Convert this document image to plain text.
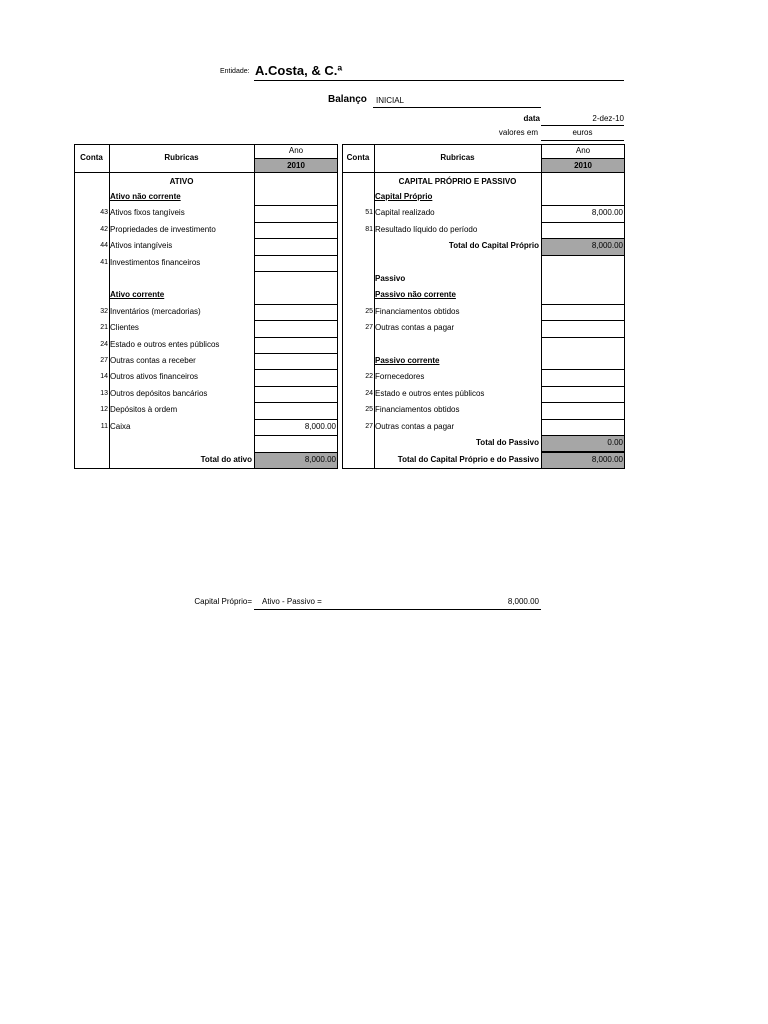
Entidade: A.Costa, & C.ª
Balanço INICIAL
data	2-dez-10
valores em	euros
Conta	Rubricas
Ano
2010
ATIVO
Ativo não corrente
43 Ativos fixos tangíveis
42 Propriedades de investimento
44 Ativos intangíveis
41 Investimentos financeiros
Ativo corrente
32 Inventários (mercadorias)
21 Clientes
24 Estado e outros entes públicos
27 Outras contas a receber
14 Outros ativos financeiros
13 Outros depósitos bancários
12 Depósitos à ordem
11 Caixa	8,000.00
Total do ativo	8,000.00
Conta	Rubricas
Ano
2010
CAPITAL PRÓPRIO E PASSIVO
Capital Próprio
51 Capital realizado	8,000.00
81 Resultado líquido do período
Total do Capital Próprio	8,000.00
Passivo
Passivo não corrente
25 Financiamentos obtidos
27 Outras contas a pagar
Passivo corrente
22 Fornecedores
24 Estado e outros entes públicos
25 Financiamentos obtidos
27 Outras contas a pagar
Total do Passivo	0.00
Total do Capital Próprio e do Passivo	8,000.00
Capital Próprio= Ativo - Passivo =	8,000.00
